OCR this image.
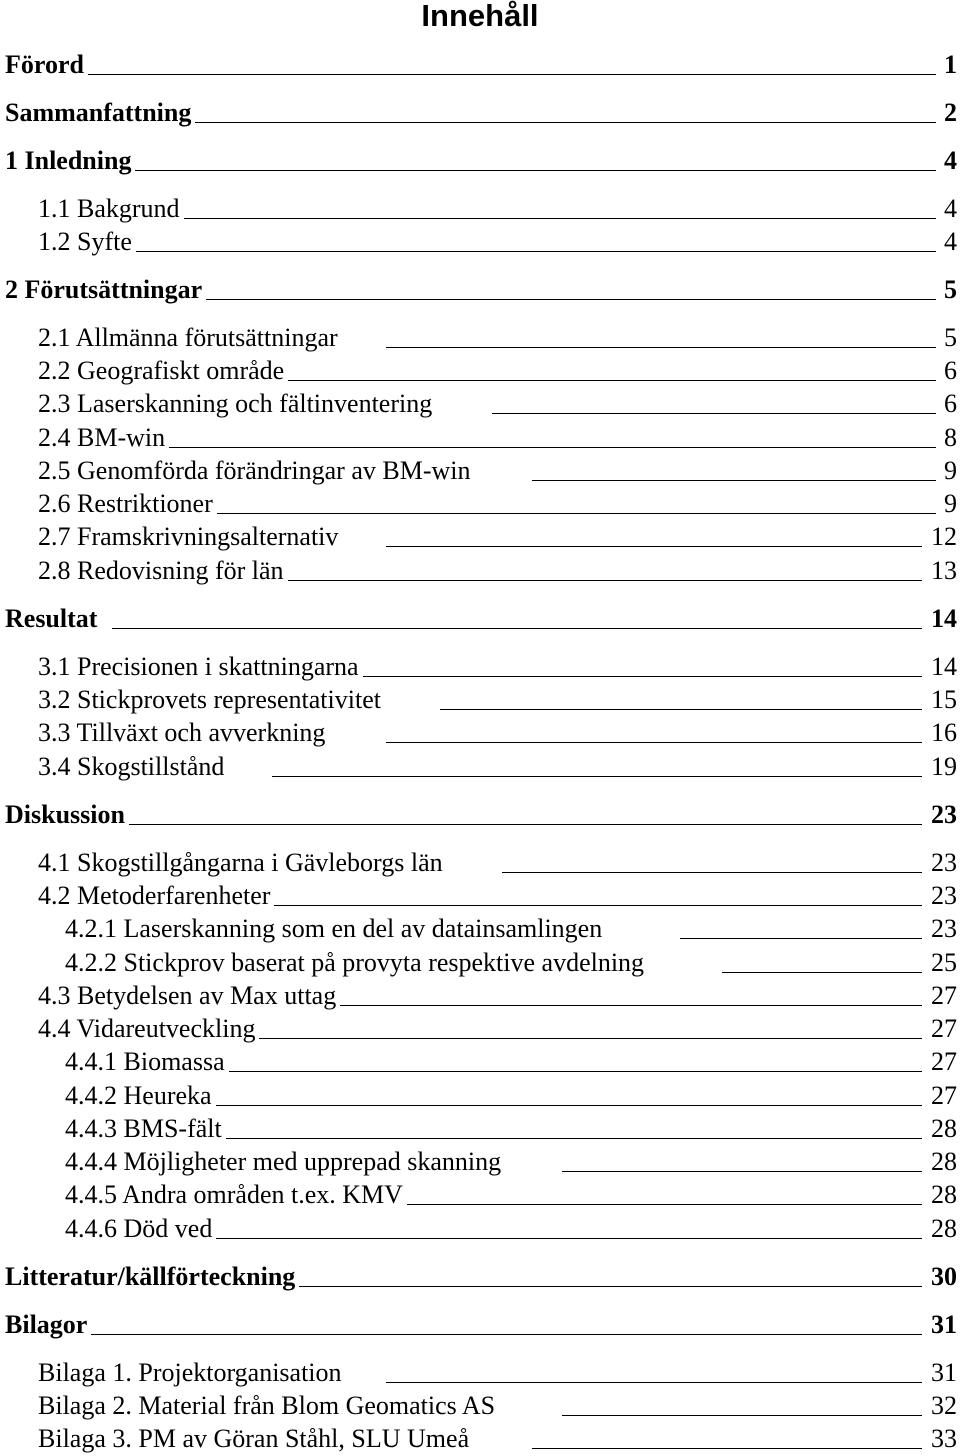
Innehåll
Förord	1
Sammanfattning	2
1 Inledning	4
1.1 Bakgrund	4
1.2 Syfte	4
2 Förutsättningar	5
2.1 Allmänna förutsättningar	5
2.2 Geografiskt område	6
2.3 Laserskanning och fältinventering	6
2.4 BM-win	8
2.5 Genomförda förändringar av BM-win	9
2.6 Restriktioner	9
2.7 Framskrivningsalternativ	12
2.8 Redovisning för län	13
Resultat	14
3.1 Precisionen i skattningarna	14
3.2 Stickprovets representativitet	15
3.3 Tillväxt och avverkning	16
3.4 Skogstillstånd	19
Diskussion	23
4.1 Skogstillgångarna i Gävleborgs län	23
4.2 Metoderfarenheter	23
4.2.1 Laserskanning som en del av datainsamlingen	23
4.2.2 Stickprov baserat på provyta respektive avdelning	25
4.3 Betydelsen av Max uttag	27
4.4 Vidareutveckling	27
4.4.1 Biomassa	27
4.4.2 Heureka	27
4.4.3 BMS-fält	28
4.4.4 Möjligheter med upprepad skanning	28
4.4.5 Andra områden t.ex. KMV	28
4.4.6 Död ved	28
Litteratur/källförteckning	30
Bilagor	31
Bilaga 1. Projektorganisation	31
Bilaga 2. Material från Blom Geomatics AS	32
Bilaga 3. PM av Göran Ståhl, SLU Umeå	33
